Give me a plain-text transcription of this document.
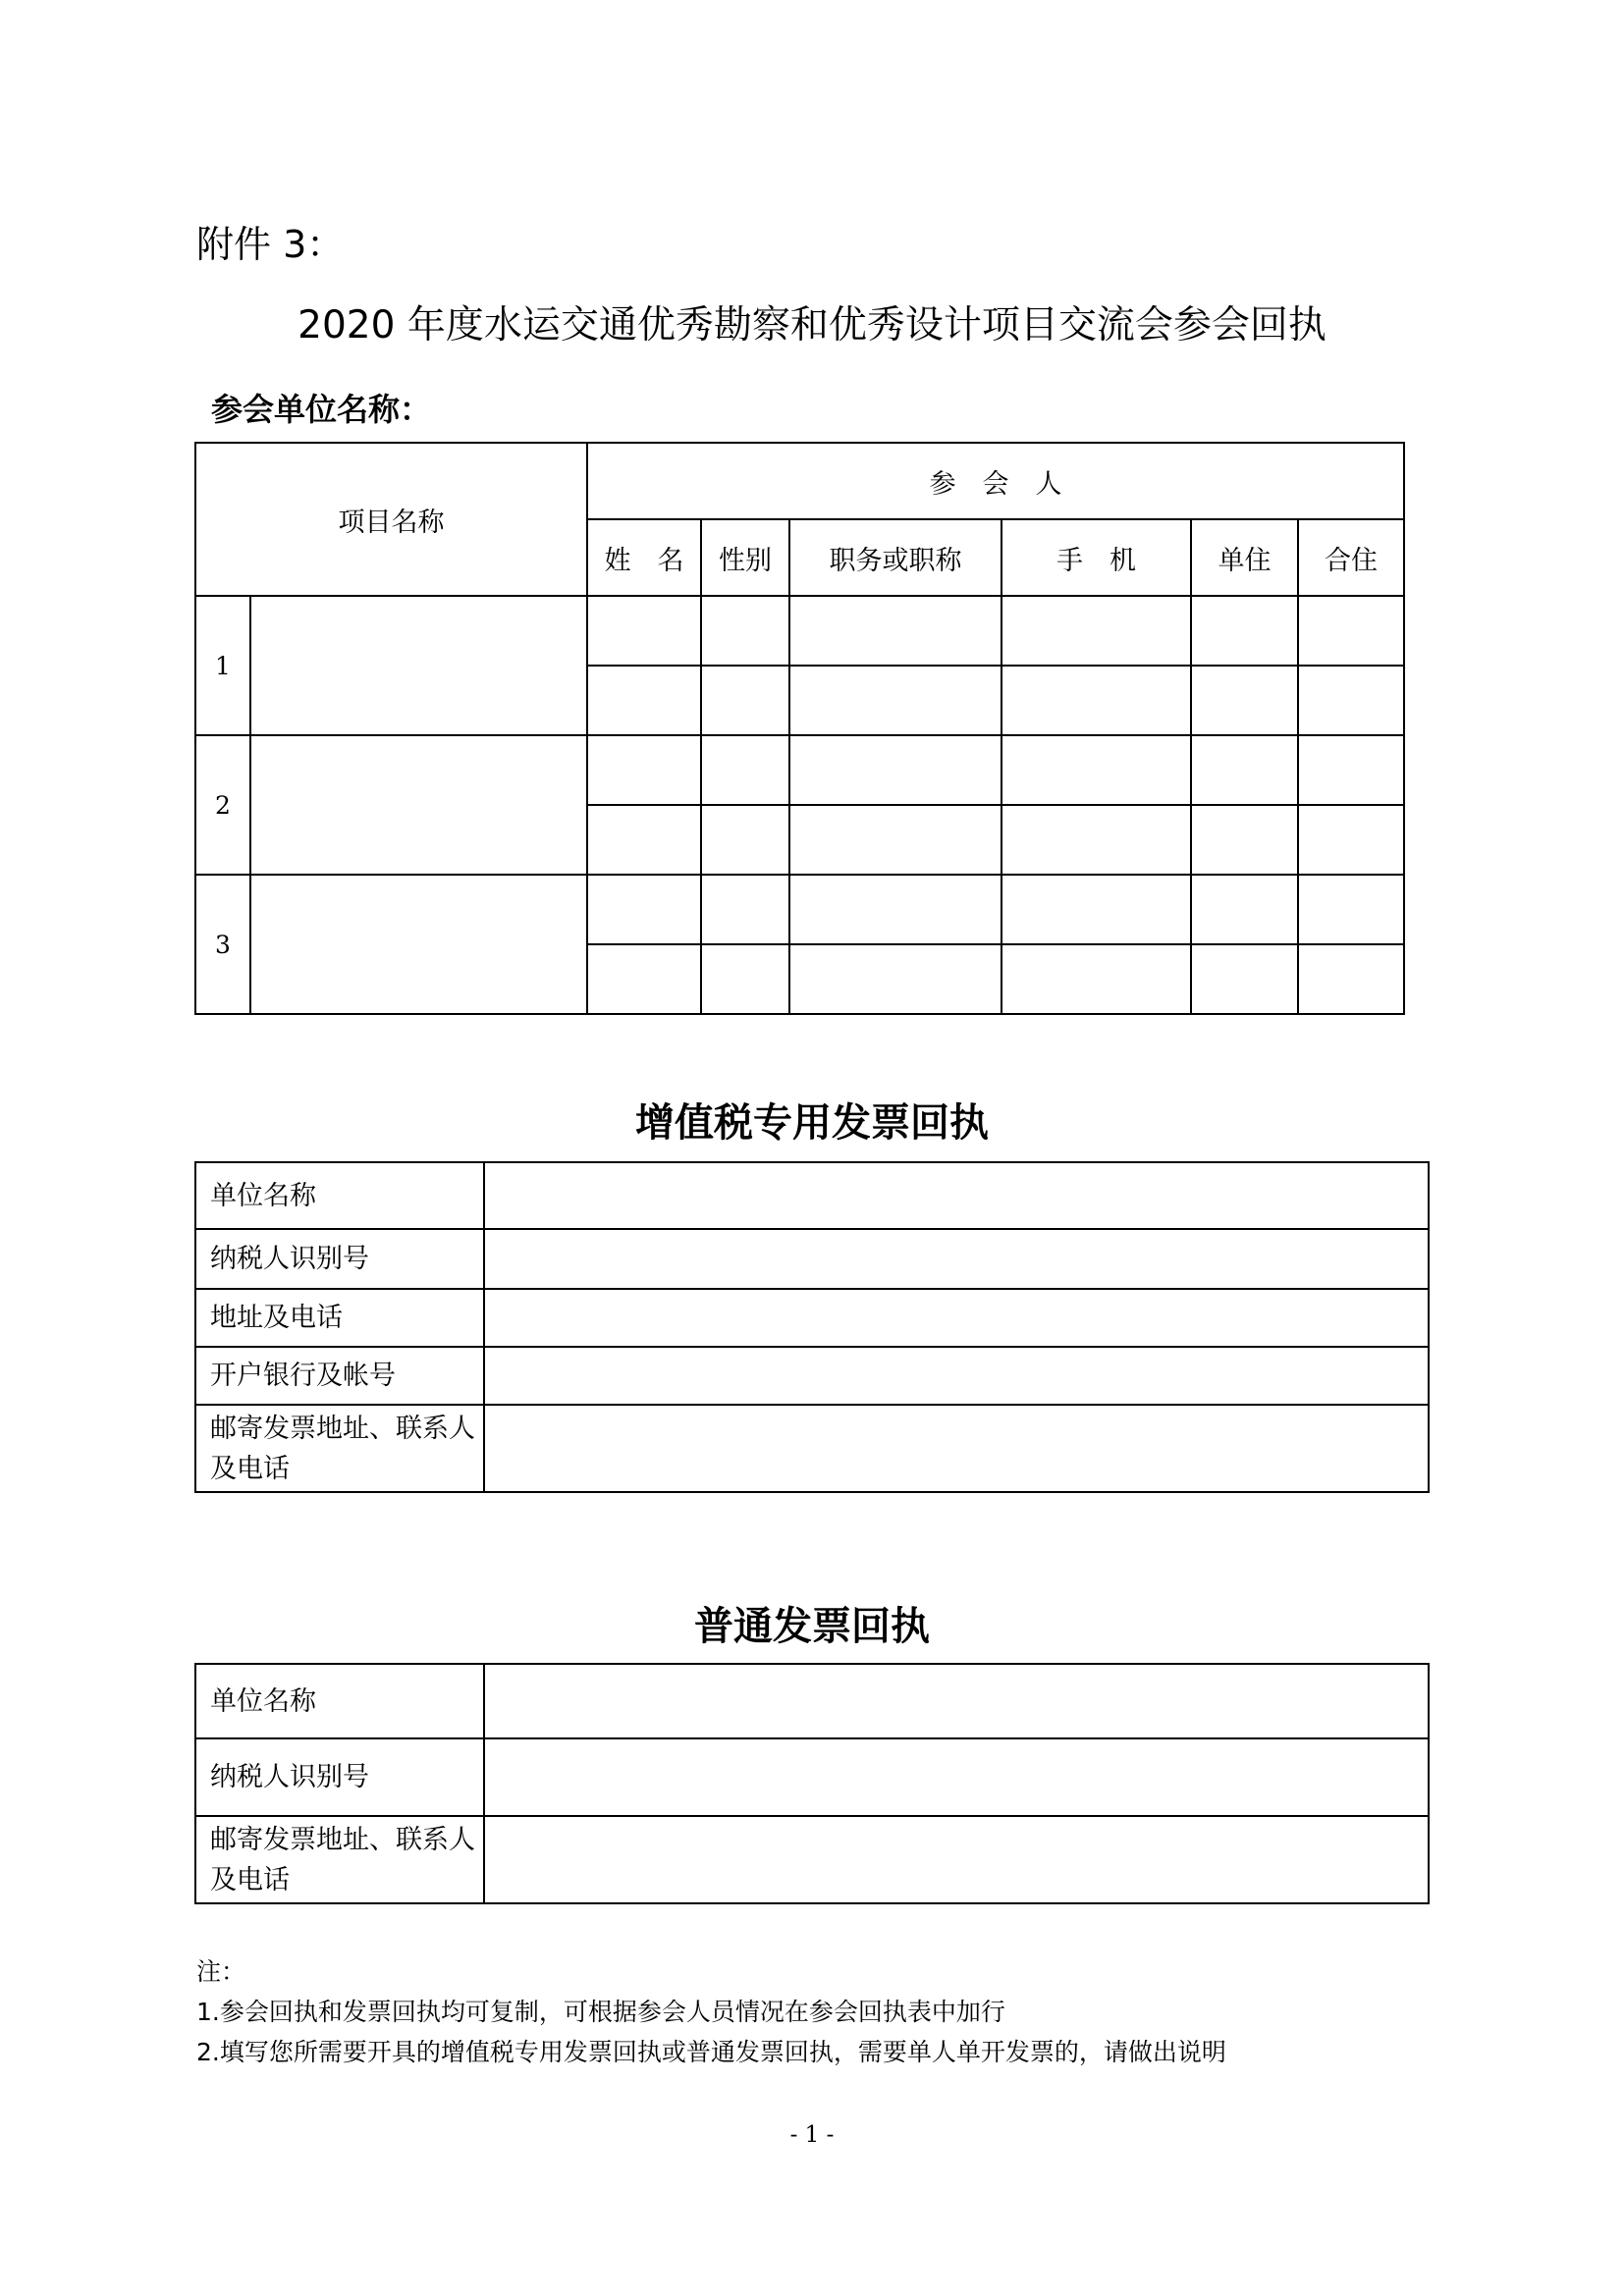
附件 3：
2020 年度水运交通优秀勘察和优秀设计项目交流会参会回执
参会单位名称：
项目名称		参　会　人					
		姓　名	性别	职务或职称	手　机	单住	合住
1							

2							

3							

增值税专用发票回执
单位名称	
纳税人识别号	
地址及电话	
开户银行及帐号	
邮寄发票地址、联系人及电话	
普通发票回执
单位名称	
纳税人识别号	
邮寄发票地址、联系人及电话	
注：
1.参会回执和发票回执均可复制，可根据参会人员情况在参会回执表中加行
2.填写您所需要开具的增值税专用发票回执或普通发票回执，需要单人单开发票的，请做出说明
- 1 -
